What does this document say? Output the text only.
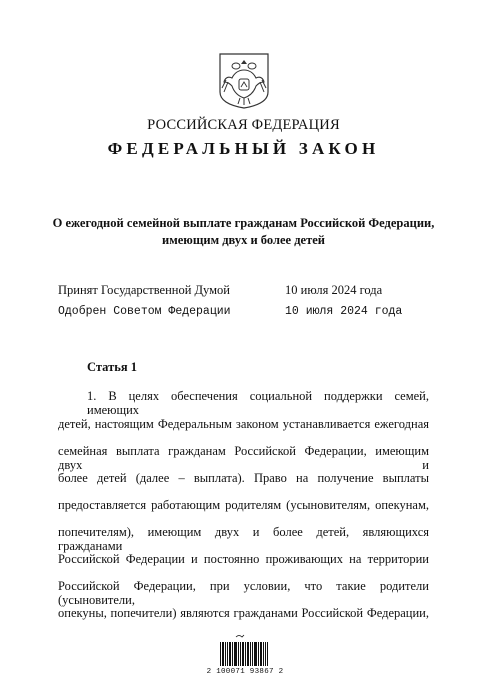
РОССИЙСКАЯ ФЕДЕРАЦИЯ
ФЕДЕРАЛЬНЫЙ ЗАКОН
О ежегодной семейной выплате гражданам Российской Федерации,
имеющим двух и более детей
Принят Государственной Думой	10 июля 2024 года
Одобрен Советом Федерации	10 июля 2024 года
Статья 1
1. В целях обеспечения социальной поддержки семей, имеющих
детей, настоящим Федеральным законом устанавливается ежегодная
семейная выплата гражданам Российской Федерации, имеющим двух и
более детей (далее – выплата). Право на получение выплаты
предоставляется работающим родителям (усыновителям, опекунам,
попечителям), имеющим двух и более детей, являющихся гражданами
Российской Федерации и постоянно проживающих на территории
Российской Федерации, при условии, что такие родители (усыновители,
опекуны, попечители) являются гражданами Российской Федерации,
2 100071 93867 2
